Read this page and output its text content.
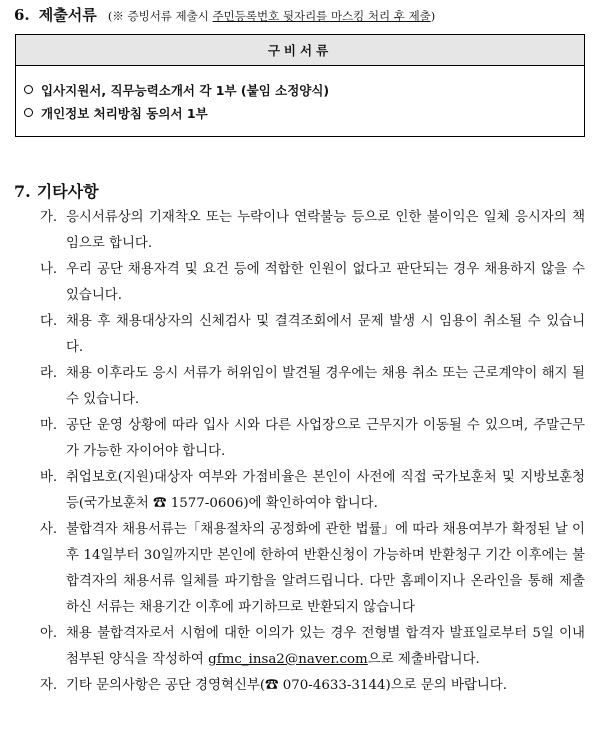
6. 제출서류 (※ 증빙서류 제출시 주민등록번호 뒷자리를 마스킹 처리 후 제출)
구비서류

입사지원서, 직무능력소개서 각 1부 (붙임 소정양식)
개인정보 처리방침 동의서 1부
7. 기타사항
가. 응시서류상의 기재착오 또는 누락이나 연락불능 등으로 인한 불이익은 일체 응시자의 책임으로 합니다.
나. 우리 공단 채용자격 및 요건 등에 적합한 인원이 없다고 판단되는 경우 채용하지 않을 수 있습니다.
다. 채용 후 채용대상자의 신체검사 및 결격조회에서 문제 발생 시 임용이 취소될 수 있습니다.
라. 채용 이후라도 응시 서류가 허위임이 발견될 경우에는 채용 취소 또는 근로계약이 해지 될 수 있습니다.
마. 공단 운영 상황에 따라 입사 시와 다른 사업장으로 근무지가 이동될 수 있으며, 주말근무가 가능한 자이어야 합니다.
바. 취업보호(지원)대상자 여부와 가점비율은 본인이 사전에 직접 국가보훈처 및 지방보훈청 등(국가보훈처 ☎ 1577-0606)에 확인하여야 합니다.
사. 불합격자 채용서류는「채용절차의 공정화에 관한 법률」에 따라 채용여부가 확정된 날 이후 14일부터 30일까지만 본인에 한하여 반환신청이 가능하며 반환청구 기간 이후에는 불합격자의 채용서류 일체를 파기함을 알려드립니다. 다만 홈페이지나 온라인을 통해 제출하신 서류는 채용기간 이후에 파기하므로 반환되지 않습니다
아. 채용 불합격자로서 시험에 대한 이의가 있는 경우 전형별 합격자 발표일로부터 5일 이내 첨부된 양식을 작성하여 gfmc_insa2@naver.com으로 제출바랍니다.
자. 기타 문의사항은 공단 경영혁신부(☎ 070-4633-3144)으로 문의 바랍니다.
